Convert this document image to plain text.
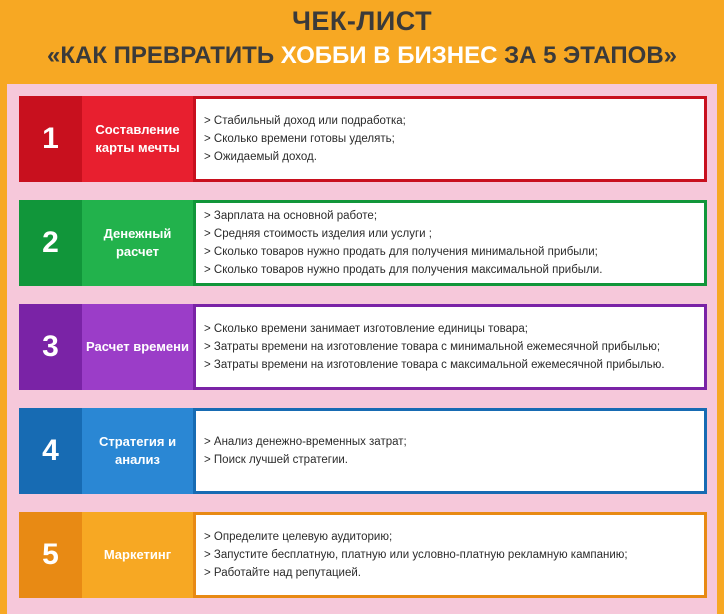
ЧЕК-ЛИСТ
«КАК ПРЕВРАТИТЬ ХОББИ В БИЗНЕС ЗА 5 ЭТАПОВ»
1	Составление карты мечты
> Стабильный доход или подработка;
> Сколько времени готовы уделять;
> Ожидаемый доход.
2	Денежный расчет
> Зарплата на основной работе;
> Средняя стоимость изделия или услуги ;
> Сколько товаров нужно продать для получения минимальной прибыли;
> Сколько товаров нужно продать для получения максимальной прибыли.
3	Расчет времени
> Сколько времени занимает изготовление единицы товара;
> Затраты времени на изготовление товара с минимальной ежемесячной прибылью;
> Затраты времени на изготовление товара с максимальной ежемесячной прибылью.
4	Стратегия и анализ
> Анализ денежно-временных затрат;
> Поиск лучшей стратегии.
5	Маркетинг
> Определите целевую аудиторию;
> Запустите бесплатную, платную или условно-платную рекламную кампанию;
> Работайте над репутацией.
